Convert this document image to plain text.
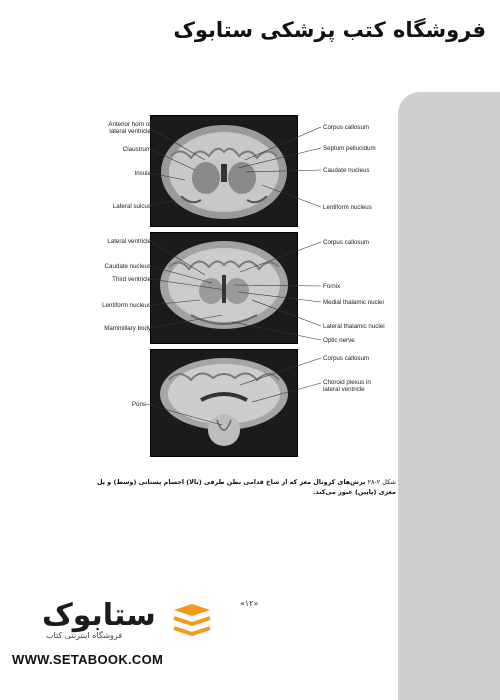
فروشگاه کتب پزشکی ستابوک
Anterior horn of lateral ventricle
Claustrum
Insula
Lateral sulcus
Corpus callosum
Septum pellucidum
Caudate nucleus
Lentiform nucleus
Lateral ventricle
Caudate nucleus
Third ventricle
Lentiform nucleus
Mammillary body
Corpus callosum
Fornix
Medial thalamic nuclei
Lateral thalamic nuclei
Optic nerve
Pons
Corpus callosum
Choroid plexus in lateral ventricle
شکل ۲-۲۸ برش‌های کرونال مغز که از شاخ قدامی بطن طرفی (بالا) اجسام پستانی (وسط) و پل مغزی (پایین) عبور می‌کند.
ستابوک
فروشگاه اینترنتی کتاب
«۱۲»
WWW.SETABOOK.COM
